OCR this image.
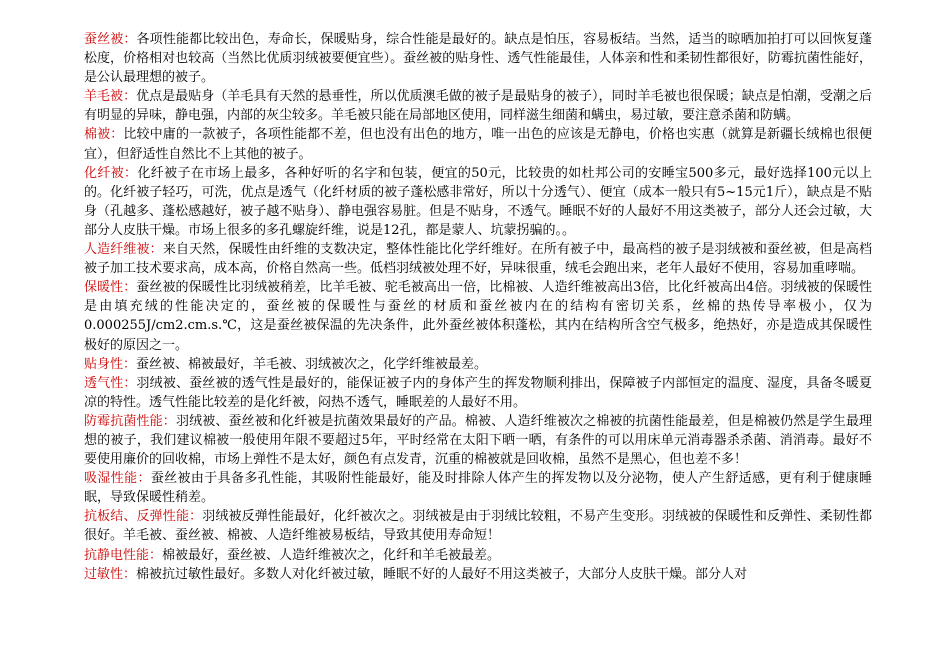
蚕丝被：各项性能都比较出色，寿命长，保暖贴身，综合性能是最好的。缺点是怕压，容易板结。当然，适当的晾晒加拍打可以回恢复蓬松度，价格相对也较高（当然比优质羽绒被要便宜些）。蚕丝被的贴身性、透气性能最佳，人体亲和性和柔韧性都很好，防霉抗菌性能好，是公认最理想的被子。

羊毛被：优点是最贴身（羊毛具有天然的悬垂性，所以优质澳毛做的被子是最贴身的被子），同时羊毛被也很保暖；缺点是怕潮，受潮之后有明显的异味，静电强，内部的灰尘较多。羊毛被只能在局部地区使用，同样滋生细菌和螨虫，易过敏，要注意杀菌和防螨。

棉被：比较中庸的一款被子，各项性能都不差，但也没有出色的地方，唯一出色的应该是无静电，价格也实惠（就算是新疆长绒棉也很便宜），但舒适性自然比不上其他的被子。

化纤被：化纤被子在市场上最多，各种好听的名字和包装，便宜的50元，比较贵的如杜邦公司的安睡宝500多元，最好选择100元以上的。化纤被子轻巧，可洗，优点是透气（化纤材质的被子蓬松感非常好，所以十分透气）、便宜（成本一般只有5~15元1斤），缺点是不贴身（孔越多、蓬松感越好，被子越不贴身）、静电强容易脏。但是不贴身，不透气。睡眠不好的人最好不用这类被子，部分人还会过敏，大部分人皮肤干燥。市场上很多的多孔螺旋纤维，说是12孔，都是蒙人、坑蒙拐骗的。。

人造纤维被：来自天然，保暖性由纤维的支数决定，整体性能比化学纤维好。在所有被子中，最高档的被子是羽绒被和蚕丝被，但是高档被子加工技术要求高，成本高，价格自然高一些。低档羽绒被处理不好，异味很重，绒毛会跑出来，老年人最好不使用，容易加重哮喘。

保暖性：蚕丝被的保暖性比羽绒被稍差，比羊毛被、驼毛被高出一倍，比棉被、人造纤维被高出3倍，比化纤被高出4倍。羽绒被的保暖性是由填充绒的性能决定的，蚕丝被的保暖性与蚕丝的材质和蚕丝被内在的结构有密切关系，丝棉的热传导率极小，仅为0.000255J/cm2.cm.s.℃，这是蚕丝被保温的先决条件，此外蚕丝被体积蓬松，其内在结构所含空气极多，绝热好，亦是造成其保暖性极好的原因之一。

贴身性：蚕丝被、棉被最好，羊毛被、羽绒被次之，化学纤维被最差。

透气性：羽绒被、蚕丝被的透气性是最好的，能保证被子内的身体产生的挥发物顺利排出，保障被子内部恒定的温度、湿度，具备冬暖夏凉的特性。透气性能比较差的是化纤被，闷热不透气，睡眠差的人最好不用。

防霉抗菌性能：羽绒被、蚕丝被和化纤被是抗菌效果最好的产品。棉被、人造纤维被次之棉被的抗菌性能最差，但是棉被仍然是学生最理想的被子，我们建议棉被一般使用年限不要超过5年，平时经常在太阳下晒一晒，有条件的可以用床单元消毒器杀杀菌、消消毒。最好不要使用廉价的回收棉，市场上弹性不是太好，颜色有点发青，沉重的棉被就是回收棉，虽然不是黑心，但也差不多！

吸湿性能：蚕丝被由于具备多孔性能，其吸附性能最好，能及时排除人体产生的挥发物以及分泌物，使人产生舒适感，更有利于健康睡眠，导致保暖性稍差。

抗板结、反弹性能：羽绒被反弹性能最好，化纤被次之。羽绒被是由于羽绒比较粗，不易产生变形。羽绒被的保暖性和反弹性、柔韧性都很好。羊毛被、蚕丝被、棉被、人造纤维被易板结，导致其使用寿命短！

抗静电性能：棉被最好，蚕丝被、人造纤维被次之，化纤和羊毛被最差。

过敏性：棉被抗过敏性最好。多数人对化纤被过敏，睡眠不好的人最好不用这类被子，大部分人皮肤干燥。部分人对
